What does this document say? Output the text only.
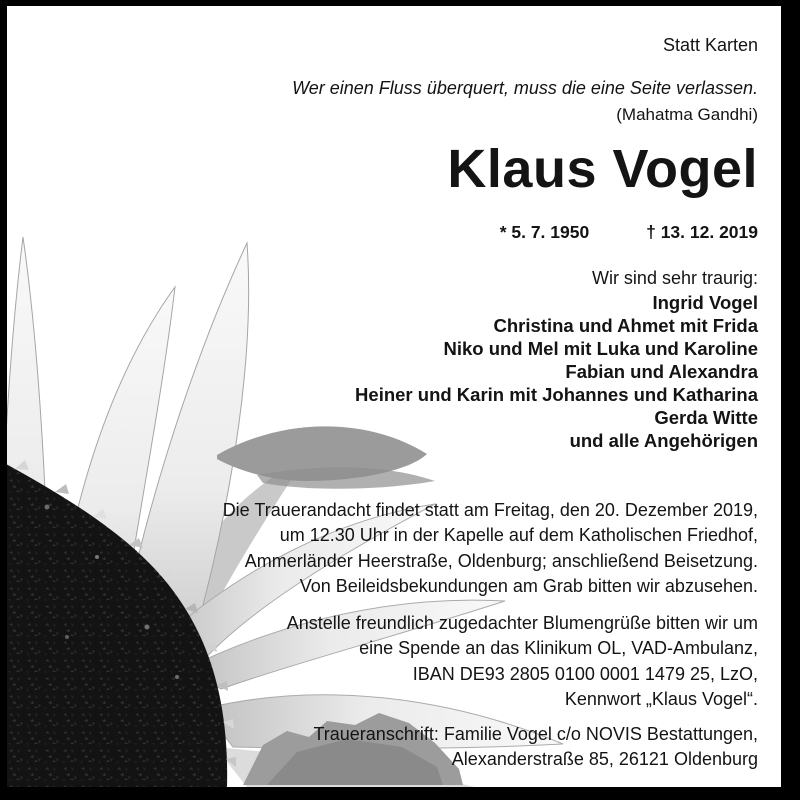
Statt Karten
Wer einen Fluss überquert, muss die eine Seite verlassen.
(Mahatma Gandhi)
Klaus Vogel
* 5. 7. 1950	† 13. 12. 2019
Wir sind sehr traurig:
Ingrid Vogel
Christina und Ahmet mit Frida
Niko und Mel mit Luka und Karoline
Fabian und Alexandra
Heiner und Karin mit Johannes und Katharina
Gerda Witte
und alle Angehörigen
Die Trauerandacht findet statt am Freitag, den 20. Dezember 2019,
um 12.30 Uhr in der Kapelle auf dem Katholischen Friedhof,
Ammerländer Heerstraße, Oldenburg; anschließend Beisetzung.
Von Beileidsbekundungen am Grab bitten wir abzusehen.
Anstelle freundlich zugedachter Blumengrüße bitten wir um
eine Spende an das Klinikum OL, VAD-Ambulanz,
IBAN DE93 2805 0100 0001 1479 25, LzO,
Kennwort „Klaus Vogel“.
Traueranschrift: Familie Vogel c/o NOVIS Bestattungen,
Alexanderstraße 85, 26121 Oldenburg
